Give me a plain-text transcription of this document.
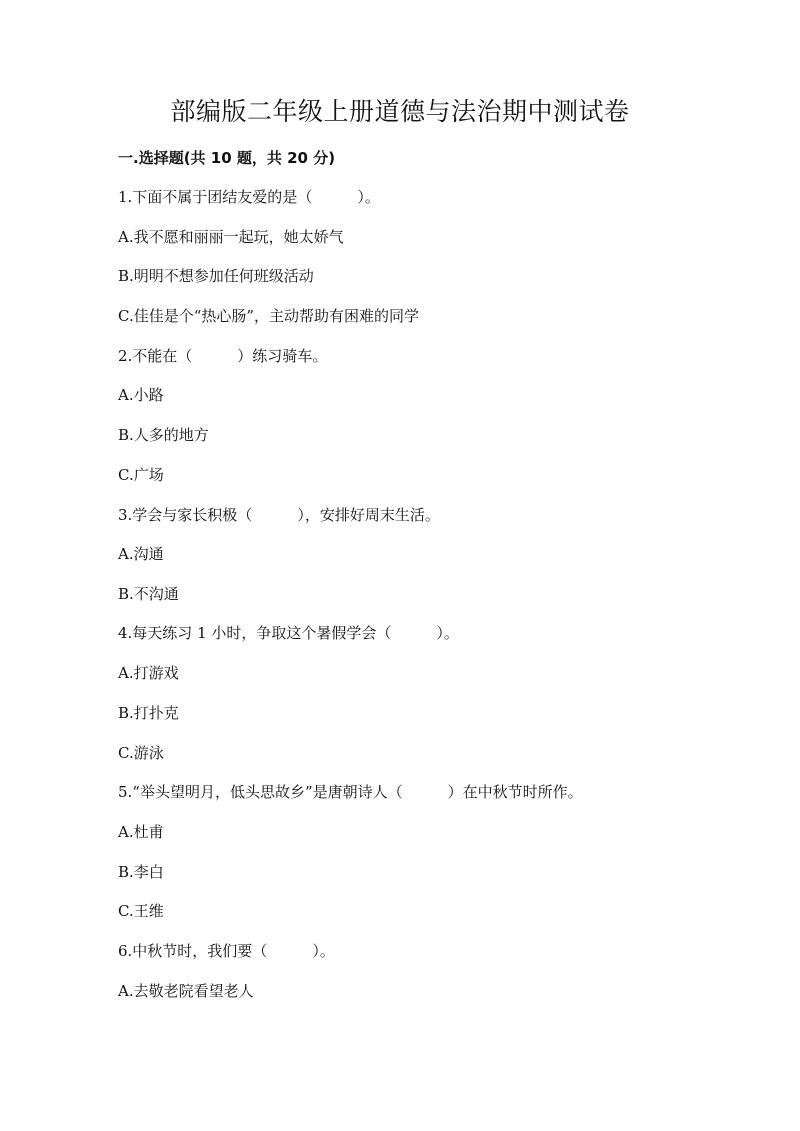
部编版二年级上册道德与法治期中测试卷
一.选择题(共 10 题，共 20 分)
1.下面不属于团结友爱的是（　　　）。
A.我不愿和丽丽一起玩，她太娇气
B.明明不想参加任何班级活动
C.佳佳是个“热心肠”，主动帮助有困难的同学
2.不能在（　　　）练习骑车。
A.小路
B.人多的地方
C.广场
3.学会与家长积极（　　　），安排好周末生活。
A.沟通
B.不沟通
4.每天练习 1 小时，争取这个暑假学会（　　　）。
A.打游戏
B.打扑克
C.游泳
5.“举头望明月，低头思故乡”是唐朝诗人（　　　）在中秋节时所作。
A.杜甫
B.李白
C.王维
6.中秋节时，我们要（　　　）。
A.去敬老院看望老人
